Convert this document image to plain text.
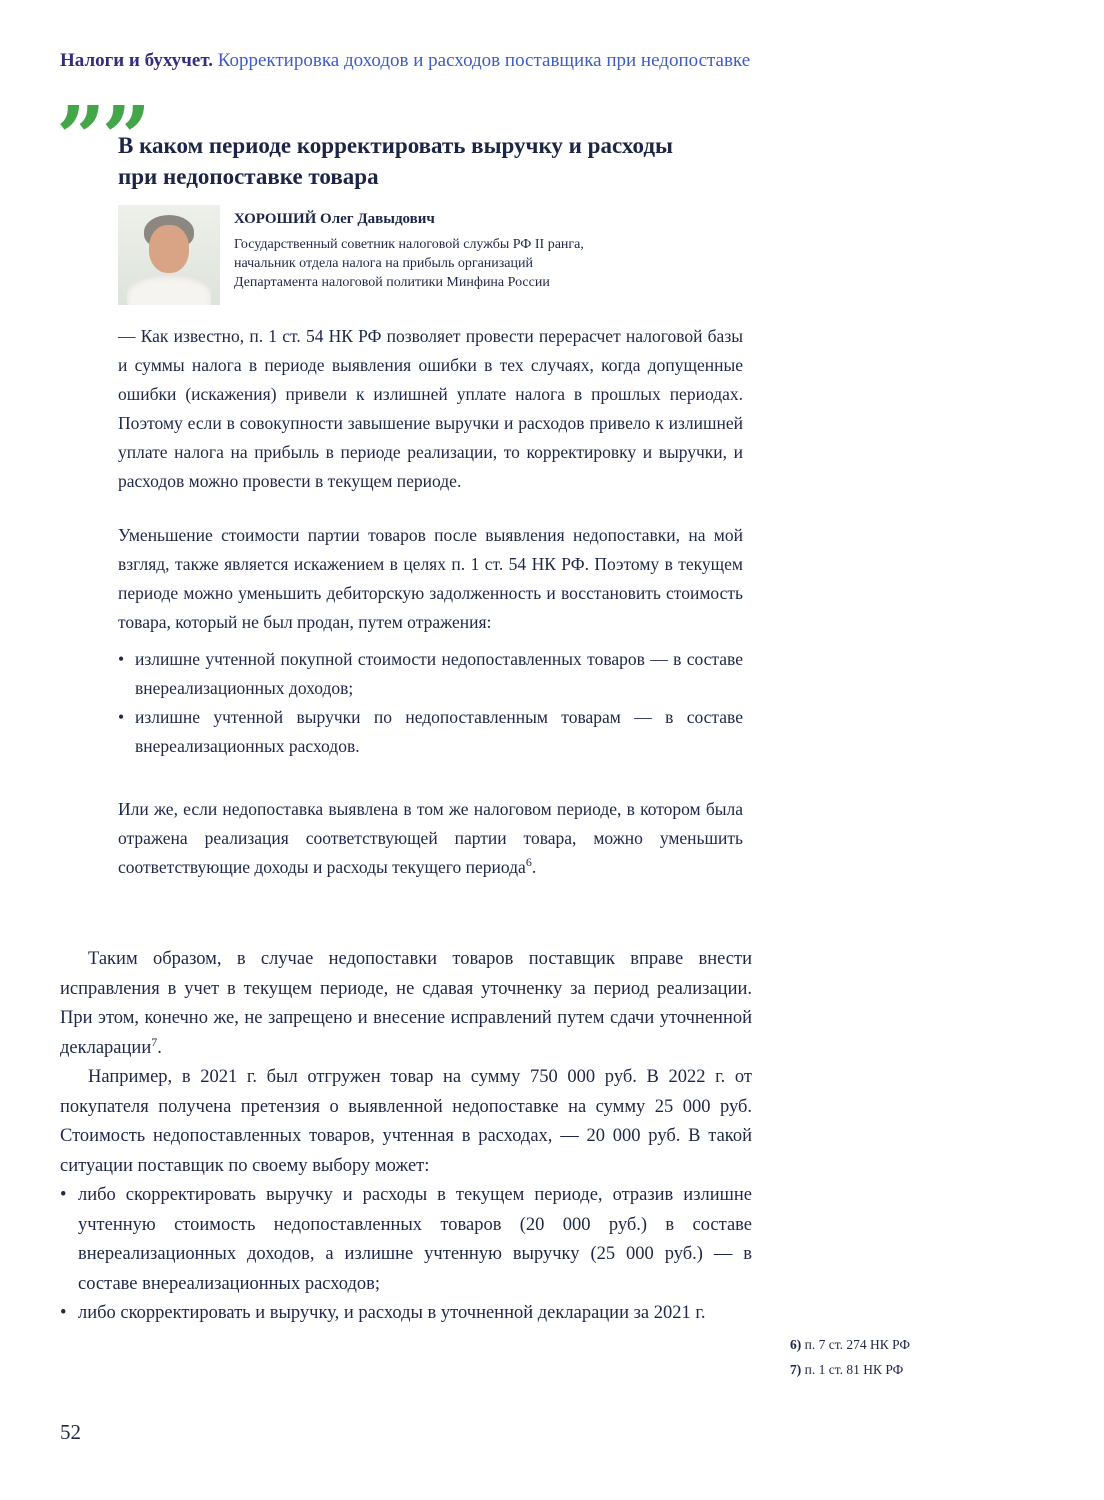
Налоги и бухучет. Корректировка доходов и расходов поставщика при недопоставке
””
В каком периоде корректировать выручку и расходы
при недопоставке товара
ХОРОШИЙ Олег Давыдович
Государственный советник налоговой службы РФ II ранга,
начальник отдела налога на прибыль организаций
Департамента налоговой политики Минфина России

— Как известно, п. 1 ст. 54 НК РФ позволяет провести перерасчет налоговой базы и суммы налога в периоде выявления ошибки в тех случаях, когда допущенные ошибки (искажения) привели к излишней уплате налога в прошлых периодах. Поэтому если в совокупности завышение выручки и расходов привело к излишней уплате налога на прибыль в периоде реализации, то корректировку и выручки, и расходов можно провести в текущем периоде.

Уменьшение стоимости партии товаров после выявления недопоставки, на мой взгляд, также является искажением в целях п. 1 ст. 54 НК РФ. Поэтому в текущем периоде можно уменьшить дебиторскую задолженность и восстановить стоимость товара, который не был продан, путем отражения:

• излишне учтенной покупной стоимости недопоставленных товаров — в составе внереализационных доходов;
• излишне учтенной выручки по недопоставленным товарам — в составе внереализационных расходов.

Или же, если недопоставка выявлена в том же налоговом периоде, в котором была отражена реализация соответствующей партии товара, можно уменьшить соответствующие доходы и расходы текущего периода$^6$.

Таким образом, в случае недопоставки товаров поставщик вправе внести исправления в учет в текущем периоде, не сдавая уточненку за период реализации. При этом, конечно же, не запрещено и внесение исправлений путем сдачи уточненной декларации$^7$.

Например, в 2021 г. был отгружен товар на сумму 750 000 руб. В 2022 г. от покупателя получена претензия о выявленной недопоставке на сумму 25 000 руб. Стоимость недопоставленных товаров, учтенная в расходах, — 20 000 руб. В такой ситуации поставщик по своему выбору может:

• либо скорректировать выручку и расходы в текущем периоде, отразив излишне учтенную стоимость недопоставленных товаров (20 000 руб.) в составе внереализационных доходов, а излишне учтенную выручку (25 000 руб.) — в составе внереализационных расходов;
• либо скорректировать и выручку, и расходы в уточненной декларации за 2021 г.
6) п. 7 ст. 274 НК РФ
7) п. 1 ст. 81 НК РФ
52
